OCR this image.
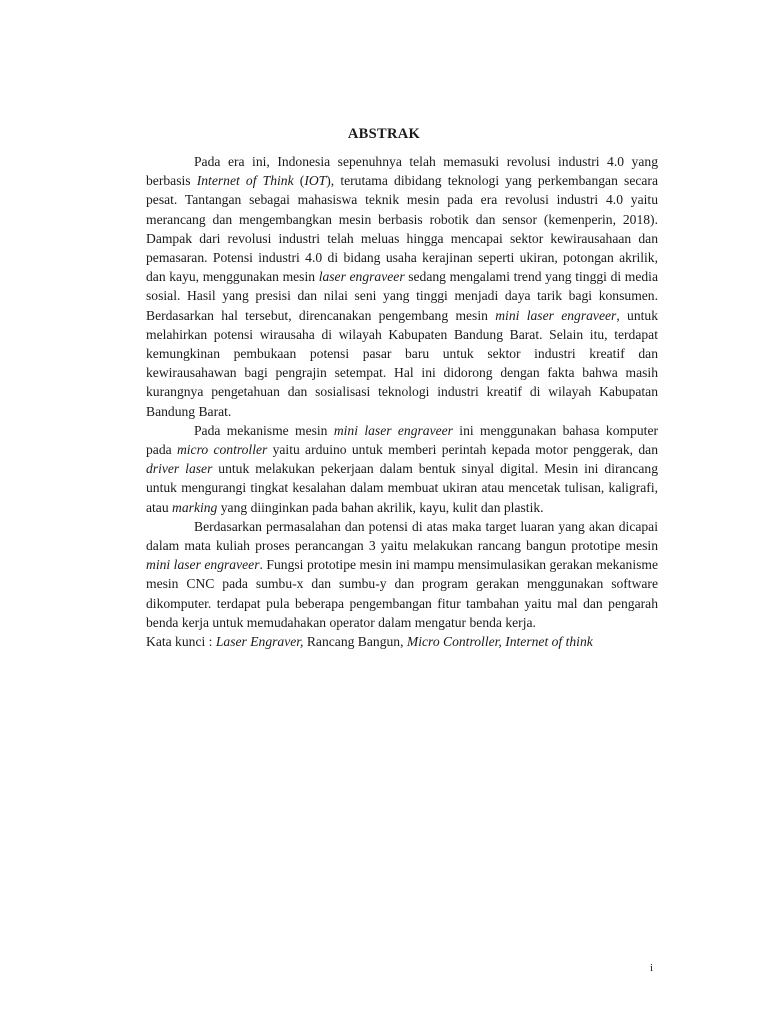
ABSTRAK

Pada era ini, Indonesia sepenuhnya telah memasuki revolusi industri 4.0 yang berbasis Internet of Think (IOT), terutama dibidang teknologi yang perkembangan secara pesat. Tantangan sebagai mahasiswa teknik mesin pada era revolusi industri 4.0 yaitu merancang dan mengembangkan mesin berbasis robotik dan sensor (kemenperin, 2018). Dampak dari revolusi industri telah meluas hingga mencapai sektor kewirausahaan dan pemasaran. Potensi industri 4.0 di bidang usaha kerajinan seperti ukiran, potongan akrilik, dan kayu, menggunakan mesin laser engraveer sedang mengalami trend yang tinggi di media sosial. Hasil yang presisi dan nilai seni yang tinggi menjadi daya tarik bagi konsumen. Berdasarkan hal tersebut, direncanakan pengembang mesin mini laser engraveer, untuk melahirkan potensi wirausaha di wilayah Kabupaten Bandung Barat. Selain itu, terdapat kemungkinan pembukaan potensi pasar baru untuk sektor industri kreatif dan kewirausahawan bagi pengrajin setempat. Hal ini didorong dengan fakta bahwa masih kurangnya pengetahuan dan sosialisasi teknologi industri kreatif di wilayah Kabupatan Bandung Barat.

Pada mekanisme mesin mini laser engraveer ini menggunakan bahasa komputer pada micro controller yaitu arduino untuk memberi perintah kepada motor penggerak, dan driver laser untuk melakukan pekerjaan dalam bentuk sinyal digital. Mesin ini dirancang untuk mengurangi tingkat kesalahan dalam membuat ukiran atau mencetak tulisan, kaligrafi, atau marking yang diinginkan pada bahan akrilik, kayu, kulit dan plastik.

Berdasarkan permasalahan dan potensi di atas maka target luaran yang akan dicapai dalam mata kuliah proses perancangan 3 yaitu melakukan rancang bangun prototipe mesin mini laser engraveer. Fungsi prototipe mesin ini mampu mensimulasikan gerakan mekanisme mesin CNC pada sumbu-x dan sumbu-y dan program gerakan menggunakan software dikomputer. terdapat pula beberapa pengembangan fitur tambahan yaitu mal dan pengarah benda kerja untuk memudahakan operator dalam mengatur benda kerja.

Kata kunci : Laser Engraver, Rancang Bangun, Micro Controller, Internet of think

i
